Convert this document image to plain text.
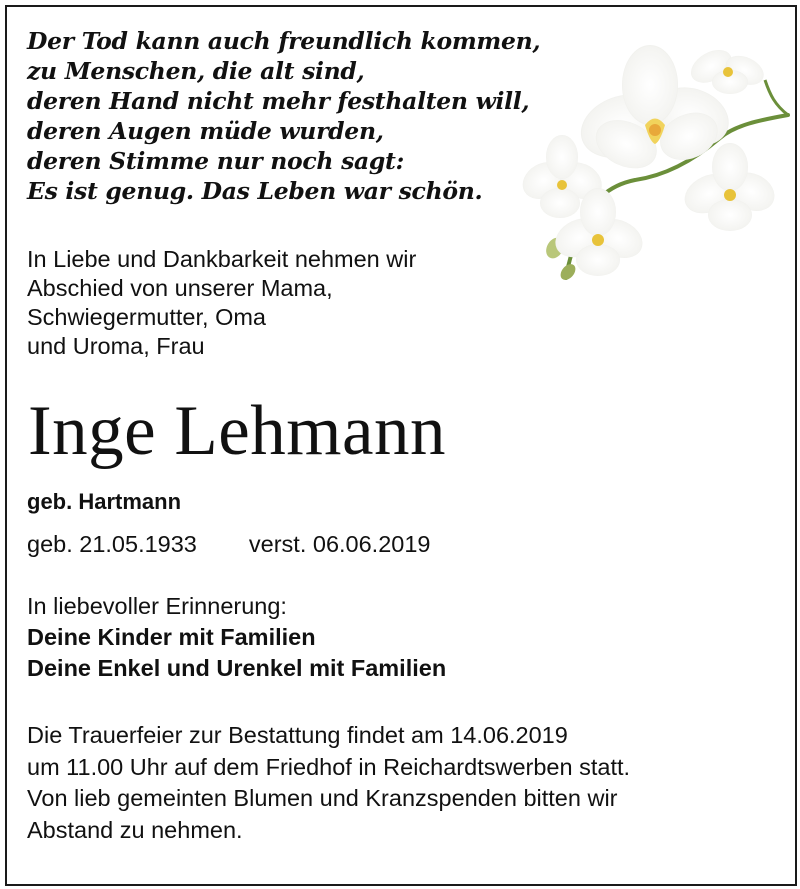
Der Tod kann auch freundlich kommen,
zu Menschen, die alt sind,
deren Hand nicht mehr festhalten will,
deren Augen müde wurden,
deren Stimme nur noch sagt:
Es ist genug. Das Leben war schön.
In Liebe und Dankbarkeit nehmen wir
Abschied von unserer Mama,
Schwiegermutter, Oma
und Uroma, Frau
Inge Lehmann
geb. Hartmann
geb. 21.05.1933 verst. 06.06.2019
In liebevoller Erinnerung:
Deine Kinder mit Familien
Deine Enkel und Urenkel mit Familien
Die Trauerfeier zur Bestattung findet am 14.06.2019
um 11.00 Uhr auf dem Friedhof in Reichardtswerben statt.
Von lieb gemeinten Blumen und Kranzspenden bitten wir
Abstand zu nehmen.
